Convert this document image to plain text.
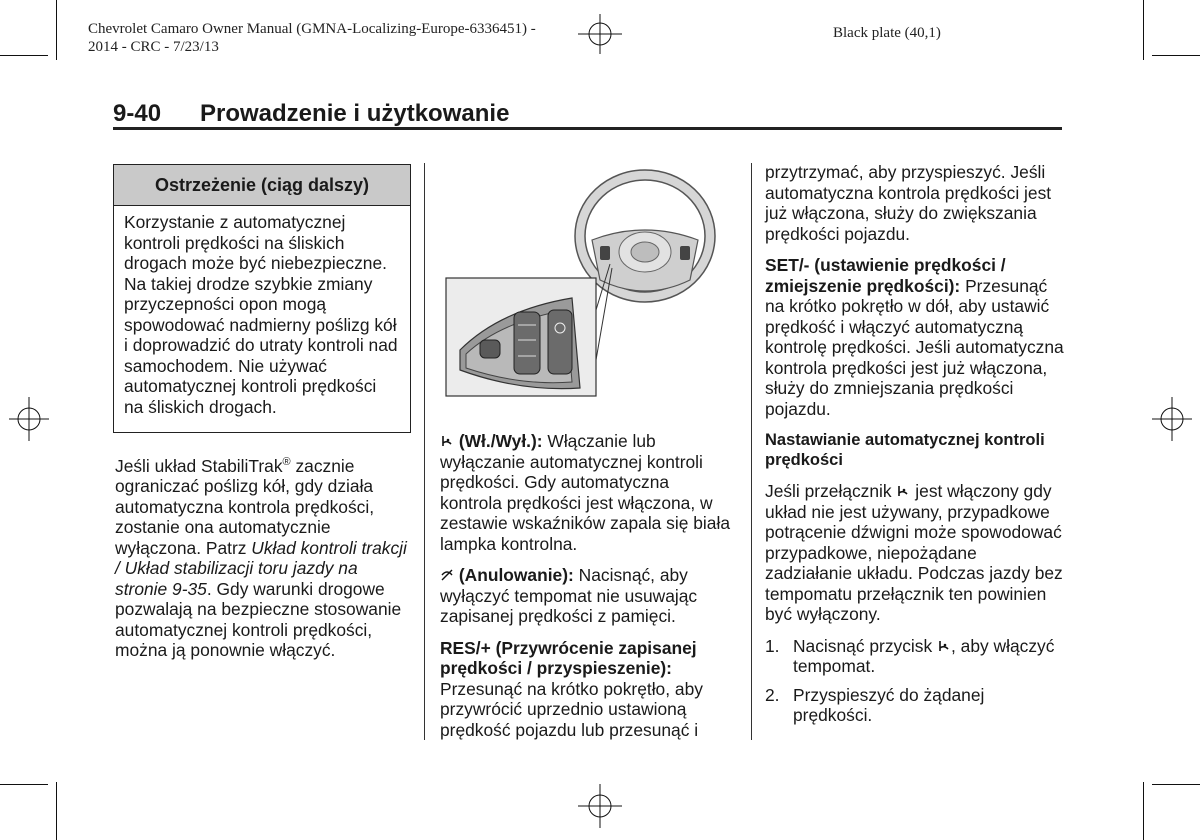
Chevrolet Camaro Owner Manual (GMNA-Localizing-Europe-6336451) -
2014 - CRC - 7/23/13
Black plate (40,1)
9-40 Prowadzenie i użytkowanie
Ostrzeżenie (ciąg dalszy)
Korzystanie z automatycznej kontroli prędkości na śliskich drogach może być niebezpieczne. Na takiej drodze szybkie zmiany przyczepności opon mogą spowodować nadmierny poślizg kół i doprowadzić do utraty kontroli nad samochodem. Nie używać automatycznej kontroli prędkości na śliskich drogach.

Jeśli układ StabiliTrak® zacznie ograniczać poślizg kół, gdy działa automatyczna kontrola prędkości, zostanie ona automatycznie wyłączona. Patrz Układ kontroli trakcji / Układ stabilizacji toru jazdy na stronie 9-35. Gdy warunki drogowe pozwalają na bezpieczne stosowanie automatycznej kontroli prędkości, można ją ponownie włączyć.

(Wł./Wył.): Włączanie lub wyłączanie automatycznej kontroli prędkości. Gdy automatyczna kontrola prędkości jest włączona, w zestawie wskaźników zapala się biała lampka kontrolna.

(Anulowanie): Nacisnąć, aby wyłączyć tempomat nie usuwając zapisanej prędkości z pamięci.

RES/+ (Przywrócenie zapisanej prędkości / przyspieszenie): Przesunąć na krótko pokrętło, aby przywrócić uprzednio ustawioną prędkość pojazdu lub przesunąć i

przytrzymać, aby przyspieszyć. Jeśli automatyczna kontrola prędkości jest już włączona, służy do zwiększania prędkości pojazdu.

SET/- (ustawienie prędkości / zmiejszenie prędkości): Przesunąć na krótko pokrętło w dół, aby ustawić prędkość i włączyć automatyczną kontrolę prędkości. Jeśli automatyczna kontrola prędkości jest już włączona, służy do zmniejszania prędkości pojazdu.

Nastawianie automatycznej kontroli prędkości

Jeśli przełącznik  jest włączony gdy układ nie jest używany, przypadkowe potrącenie dźwigni może spowodować przypadkowe, niepożądane zadziałanie układu. Podczas jazdy bez tempomatu przełącznik ten powinien być wyłączony.

1. Nacisnąć przycisk , aby włączyć tempomat.
2. Przyspieszyć do żądanej prędkości.
